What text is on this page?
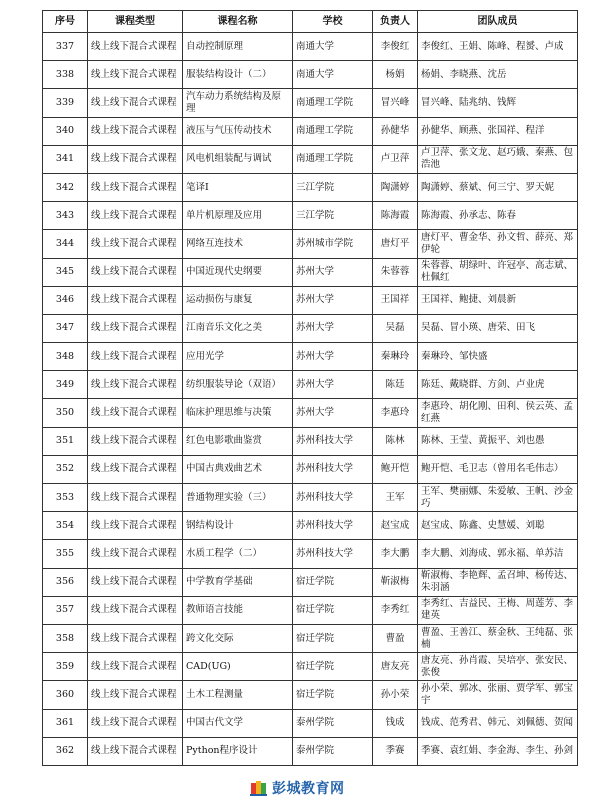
序号	课程类型	课程名称	学校	负责人	团队成员
337	线上线下混合式课程	自动控制原理	南通大学	李俊红	李俊红、王娟、陈峰、程赟、卢成
338	线上线下混合式课程	服装结构设计（二）	南通大学	杨娟	杨娟、李晓燕、沈岳
339	线上线下混合式课程	汽车动力系统结构及原理	南通理工学院	冒兴峰	冒兴峰、陆兆纳、钱辉
340	线上线下混合式课程	液压与气压传动技术	南通理工学院	孙健华	孙健华、顾燕、张国祥、程洋
341	线上线下混合式课程	风电机组装配与调试	南通理工学院	卢卫萍	卢卫萍、张文龙、赵巧娥、秦燕、包浩池
342	线上线下混合式课程	笔译Ⅰ	三江学院	陶潇婷	陶潇婷、蔡斌、何三宁、罗天妮
343	线上线下混合式课程	单片机原理及应用	三江学院	陈海霞	陈海霞、孙承志、陈春
344	线上线下混合式课程	网络互连技术	苏州城市学院	唐灯平	唐灯平、曹金华、孙文哲、薛亮、郑伊轮
345	线上线下混合式课程	中国近现代史纲要	苏州大学	朱蓉蓉	朱蓉蓉、胡绿叶、许冠亭、高志斌、杜佩红
346	线上线下混合式课程	运动损伤与康复	苏州大学	王国祥	王国祥、鲍捷、刘晨新
347	线上线下混合式课程	江南音乐文化之美	苏州大学	吴磊	吴磊、冒小瑛、唐荣、田飞
348	线上线下混合式课程	应用光学	苏州大学	秦琳玲	秦琳玲、邹快盛
349	线上线下混合式课程	纺织服装导论（双语）	苏州大学	陈廷	陈廷、戴晓群、方剑、卢业虎
350	线上线下混合式课程	临床护理思维与决策	苏州大学	李惠玲	李惠玲、胡化刚、田利、侯云英、孟红燕
351	线上线下混合式课程	红色电影歌曲鉴赏	苏州科技大学	陈林	陈林、王莹、黄振平、刘也愚
352	线上线下混合式课程	中国古典戏曲艺术	苏州科技大学	鲍开恺	鲍开恺、毛卫志（曾用名毛伟志）
353	线上线下混合式课程	普通物理实验（三）	苏州科技大学	王军	王军、樊丽娜、朱爱敏、王帆、沙金巧
354	线上线下混合式课程	钢结构设计	苏州科技大学	赵宝成	赵宝成、陈鑫、史慧媛、刘聪
355	线上线下混合式课程	水质工程学（二）	苏州科技大学	李大鹏	李大鹏、刘海成、郭永福、单苏洁
356	线上线下混合式课程	中学教育学基础	宿迁学院	靳淑梅	靳淑梅、李艳辉、孟召坤、杨传达、朱羽涵
357	线上线下混合式课程	教师语言技能	宿迁学院	李秀红	李秀红、吉益民、王梅、周莲芳、李建英
358	线上线下混合式课程	跨文化交际	宿迁学院	曹盈	曹盈、王善江、蔡金秋、王纯磊、张楠
359	线上线下混合式课程	CAD(UG)	宿迁学院	唐友亮	唐友亮、孙肖霞、吴培亭、张安民、张俊
360	线上线下混合式课程	土木工程测量	宿迁学院	孙小荣	孙小荣、郭冰、张丽、贾学军、郭宝宇
361	线上线下混合式课程	中国古代文学	泰州学院	钱成	钱成、范秀君、韩元、刘佩德、贺闻
362	线上线下混合式课程	Python程序设计	泰州学院	季赛	季赛、袁红娟、李金海、李生、孙剑
彭城教育网
